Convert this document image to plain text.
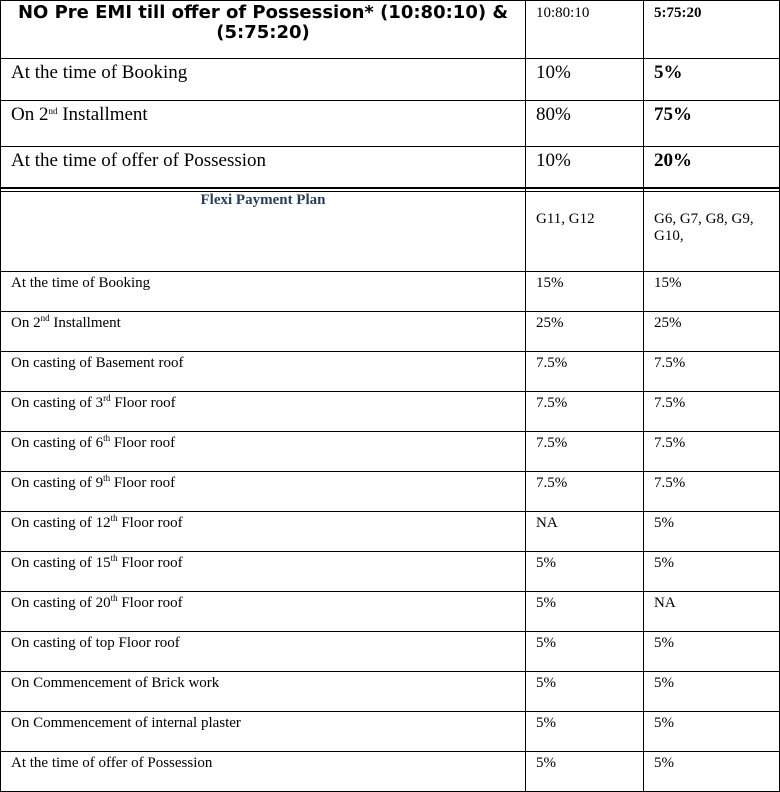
NO Pre EMI till offer of Possession* (10:80:10) & (5:75:20)	10:80:10	5:75:20
At the time of Booking	10%	5%
On 2nd Installment	80%	75%
At the time of offer of Possession	10%	20%
Flexi Payment Plan	G11, G12	G6, G7, G8, G9, G10,
At the time of Booking	15%	15%
On 2nd Installment	25%	25%
On casting of Basement roof	7.5%	7.5%
On casting of 3rd Floor roof	7.5%	7.5%
On casting of 6th Floor roof	7.5%	7.5%
On casting of 9th Floor roof	7.5%	7.5%
On casting of 12th Floor roof	NA	5%
On casting of 15th Floor roof	5%	5%
On casting of 20th Floor roof	5%	NA
On casting of top Floor roof	5%	5%
On Commencement of Brick work	5%	5%
On Commencement of internal plaster	5%	5%
At the time of offer of Possession	5%	5%
